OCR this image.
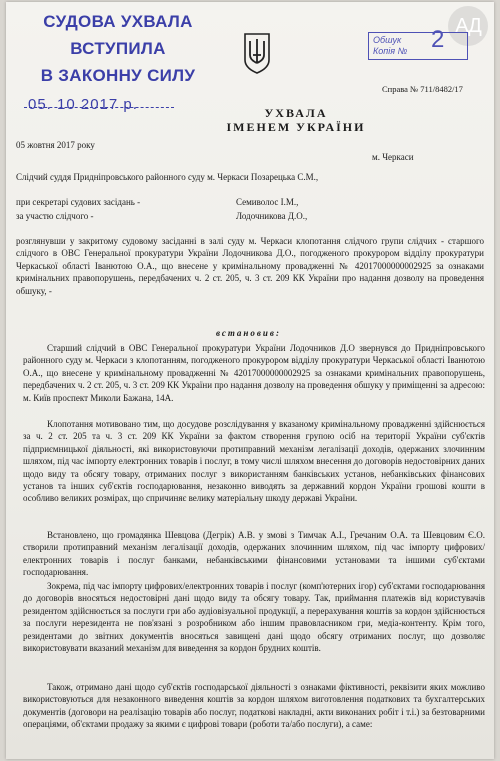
СУДОВА УХВАЛА
ВСТУПИЛА
В ЗАКОННУ СИЛУ
05. 10 2017 р.
АД
Обшук
Копія № 2
Справа № 711/8482/17
УХВАЛА
ІМЕНЕМ УКРАЇНИ
05 жовтня 2017 року
м. Черкаси
Слідчий суддя Придніпровського районного суду м. Черкаси Позарецька С.М.,
при секретарі судових засідань -	Семиволос І.М.,
за участю слідчого -	Лодочникова Д.О.,
розглянувши у закритому судовому засіданні в залі суду м. Черкаси клопотання слідчого групи слідчих - старшого слідчого в ОВС Генеральної прокуратури України Лодочникова Д.О., погодженого прокурором відділу прокуратури Черкаської області Іванютою О.А., що внесене у кримінальному провадженні № 42017000000002925 за ознаками кримінальних правопорушень, передбачених ч. 2 ст. 205, ч. 3 ст. 209 КК України про надання дозволу на проведення обшуку, -
встановив:
Старший слідчий в ОВС Генеральної прокуратури України Лодочников Д.О звернувся до Придніпровського районного суду м. Черкаси з клопотанням, погодженого прокурором відділу прокуратури Черкаської області Іванютою О.А., що внесене у кримінальному провадженні № 42017000000002925 за ознаками кримінальних правопорушень, передбачених ч. 2 ст. 205, ч. 3 ст. 209 КК України про надання дозволу на проведення обшуку у приміщенні за адресою: м. Київ проспект Миколи Бажана, 14А.
Клопотання мотивовано тим, що досудове розслідування у вказаному кримінальному провадженні здійснюється за ч. 2 ст. 205 та ч. 3 ст. 209 КК України за фактом створення групою осіб на території України суб'єктів підприємницької діяльності, які використовуючи протиправний механізм легалізації доходів, одержаних злочинним шляхом, під час імпорту електронних товарів і послуг, в тому числі шляхом внесення до договорів недостовірних даних щодо виду та обсягу товару, отриманих послуг з використанням банківських установ, небанківських фінансових установ та інших суб'єктів господарювання, незаконно виводять за державний кордон України грошові кошти в особливо великих розмірах, що спричиняє велику матеріальну шкоду державі України.
Встановлено, що громадянка Шевцова (Дегрік) А.В. у змові з Тимчак А.І., Гречаним О.А. та Шевцовим Є.О. створили протиправний механізм легалізації доходів, одержаних злочинним шляхом, під час імпорту цифрових/електронних товарів і послуг банками, небанківськими фінансовими установами та іншими суб'єктами господарювання.
Зокрема, під час імпорту цифрових/електронних товарів і послуг (комп'ютерних ігор) суб'єктами господарювання до договорів вносяться недостовірні дані щодо виду та обсягу товару. Так, приймання платежів від користувачів резидентом здійснюється за послуги гри або аудіовізуальної продукції, а перерахування коштів за кордон здійснюється за послуги нерезидента не пов'язані з розробником або іншим правовласником гри, медіа-контенту. Крім того, резидентами до звітних документів вносяться завищені дані щодо обсягу отриманих послуг, що дозволяє використовувати вказаний механізм для виведення за кордон брудних коштів.
Також, отримано дані щодо суб'єктів господарської діяльності з ознаками фіктивності, реквізити яких можливо використовуються для незаконного виведення коштів за кордон шляхом виготовлення податкових та бухгалтерських документів (договори на реалізацію товарів або послуг, податкові накладні, акти виконаних робіт і т.і.) за безтоварними операціями, об'єктами продажу за якими є цифрові товари (роботи та/або послуги), а саме:
